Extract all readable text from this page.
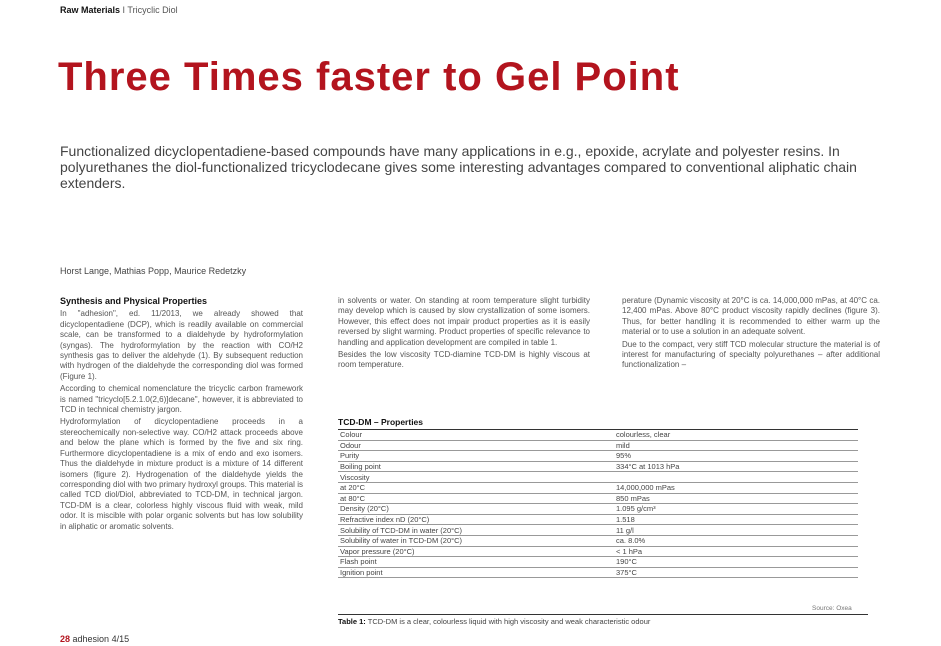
Raw Materials I Tricyclic Diol
Three Times faster to Gel Point
Functionalized dicyclopentadiene-based compounds have many applications in e.g., epoxide, acrylate and polyester resins. In polyurethanes the diol-functionalized tricyclodecane gives some interesting advantages compared to conventional aliphatic chain extenders.
Horst Lange, Mathias Popp, Maurice Redetzky
Synthesis and Physical Properties

In "adhesion", ed. 11/2013, we already showed that dicyclopentadiene (DCP), which is readily available on commercial scale, can be transformed to a dialdehyde by hydroformylation (syngas). The hydroformylation by the reaction with CO/H2 synthesis gas to deliver the aldehyde (1). By subsequent reduction with hydrogen of the dialdehyde the corresponding diol was formed (Figure 1).

According to chemical nomenclature the tricyclic carbon framework is named "tricyclo[5.2.1.0(2,6)]decane", however, it is abbreviated to TCD in technical chemistry jargon.

Hydroformylation of dicyclopentadiene proceeds in a stereochemically non-selective way. CO/H2 attack proceeds above and below the plane which is formed by the five and six ring. Furthermore dicyclopentadiene is a mix of endo and exo isomers. Thus the dialdehyde in mixture product is a mixture of 14 different isomers (figure 2). Hydrogenation of the dialdehyde yields the corresponding diol with two primary hydroxyl groups. This material is called TCD diol/Diol, abbreviated to TCD-DM, in technical jargon. TCD-DM is a clear, colorless highly viscous fluid with weak, mild odor. It is miscible with polar organic solvents but has low solubility in aliphatic or aromatic solvents.

in solvents or water. On standing at room temperature slight turbidity may develop which is caused by slow crystallization of some isomers. However, this effect does not impair product properties as it is easily reversed by slight warming. Product properties of specific relevance to handling and application development are compiled in table 1.

Besides the low viscosity TCD-diamine TCD-DM is highly viscous at room temperature.

perature (Dynamic viscosity at 20°C is ca. 14,000,000 mPas, at 40°C ca. 12,400 mPas. Above 80°C product viscosity rapidly declines (figure 3). Thus, for better handling it is recommended to either warm up the material or to use a solution in an adequate solvent.

Due to the compact, very stiff TCD molecular structure the material is of interest for manufacturing of specialty polyurethanes – after additional functionalization –

TCD-DM – Properties
Colour	colourless, clear
Odour	mild
Purity	95%
Boiling point	334°C at 1013 hPa
Viscosity	
at 20°C	14,000,000 mPas
at 80°C	850 mPas
Density (20°C)	1.095 g/cm³
Refractive index nD (20°C)	1.518
Solubility of TCD-DM in water (20°C)	11 g/l
Solubility of water in TCD-DM (20°C)	ca. 8.0%
Vapor pressure (20°C)	< 1 hPa
Flash point	190°C
Ignition point	375°C
Source: Oxea
Table 1: TCD-DM is a clear, colourless liquid with high viscosity and weak characteristic odour
28 adhesion 4/15
